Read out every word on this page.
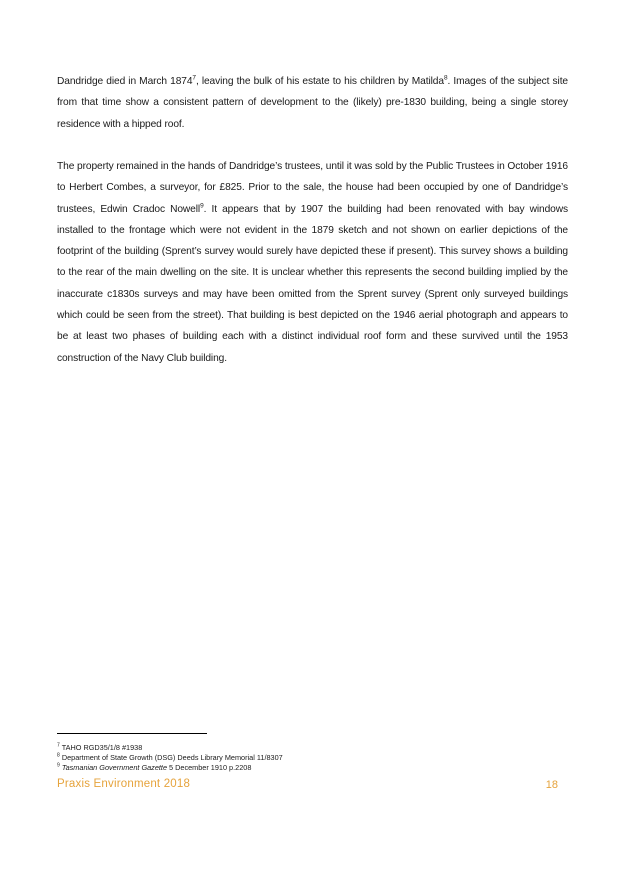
Dandridge died in March 1874$^7$, leaving the bulk of his estate to his children by Matilda$^8$. Images of the subject site from that time show a consistent pattern of development to the (likely) pre-1830 building, being a single storey residence with a hipped roof.

The property remained in the hands of Dandridge’s trustees, until it was sold by the Public Trustees in October 1916 to Herbert Combes, a surveyor, for £825. Prior to the sale, the house had been occupied by one of Dandridge’s trustees, Edwin Cradoc Nowell$^9$. It appears that by 1907 the building had been renovated with bay windows installed to the frontage which were not evident in the 1879 sketch and not shown on earlier depictions of the footprint of the building (Sprent’s survey would surely have depicted these if present). This survey shows a building to the rear of the main dwelling on the site. It is unclear whether this represents the second building implied by the inaccurate c1830s surveys and may have been omitted from the Sprent survey (Sprent only surveyed buildings which could be seen from the street). That building is best depicted on the 1946 aerial photograph and appears to be at least two phases of building each with a distinct individual roof form and these survived until the 1953 construction of the Navy Club building.

$^7$ TAHO RGD35/1/8 #1938
$^8$ Department of State Growth (DSG) Deeds Library Memorial 11/8307
$^9$ Tasmanian Government Gazette 5 December 1910 p.2208
Praxis Environment 2018	18
